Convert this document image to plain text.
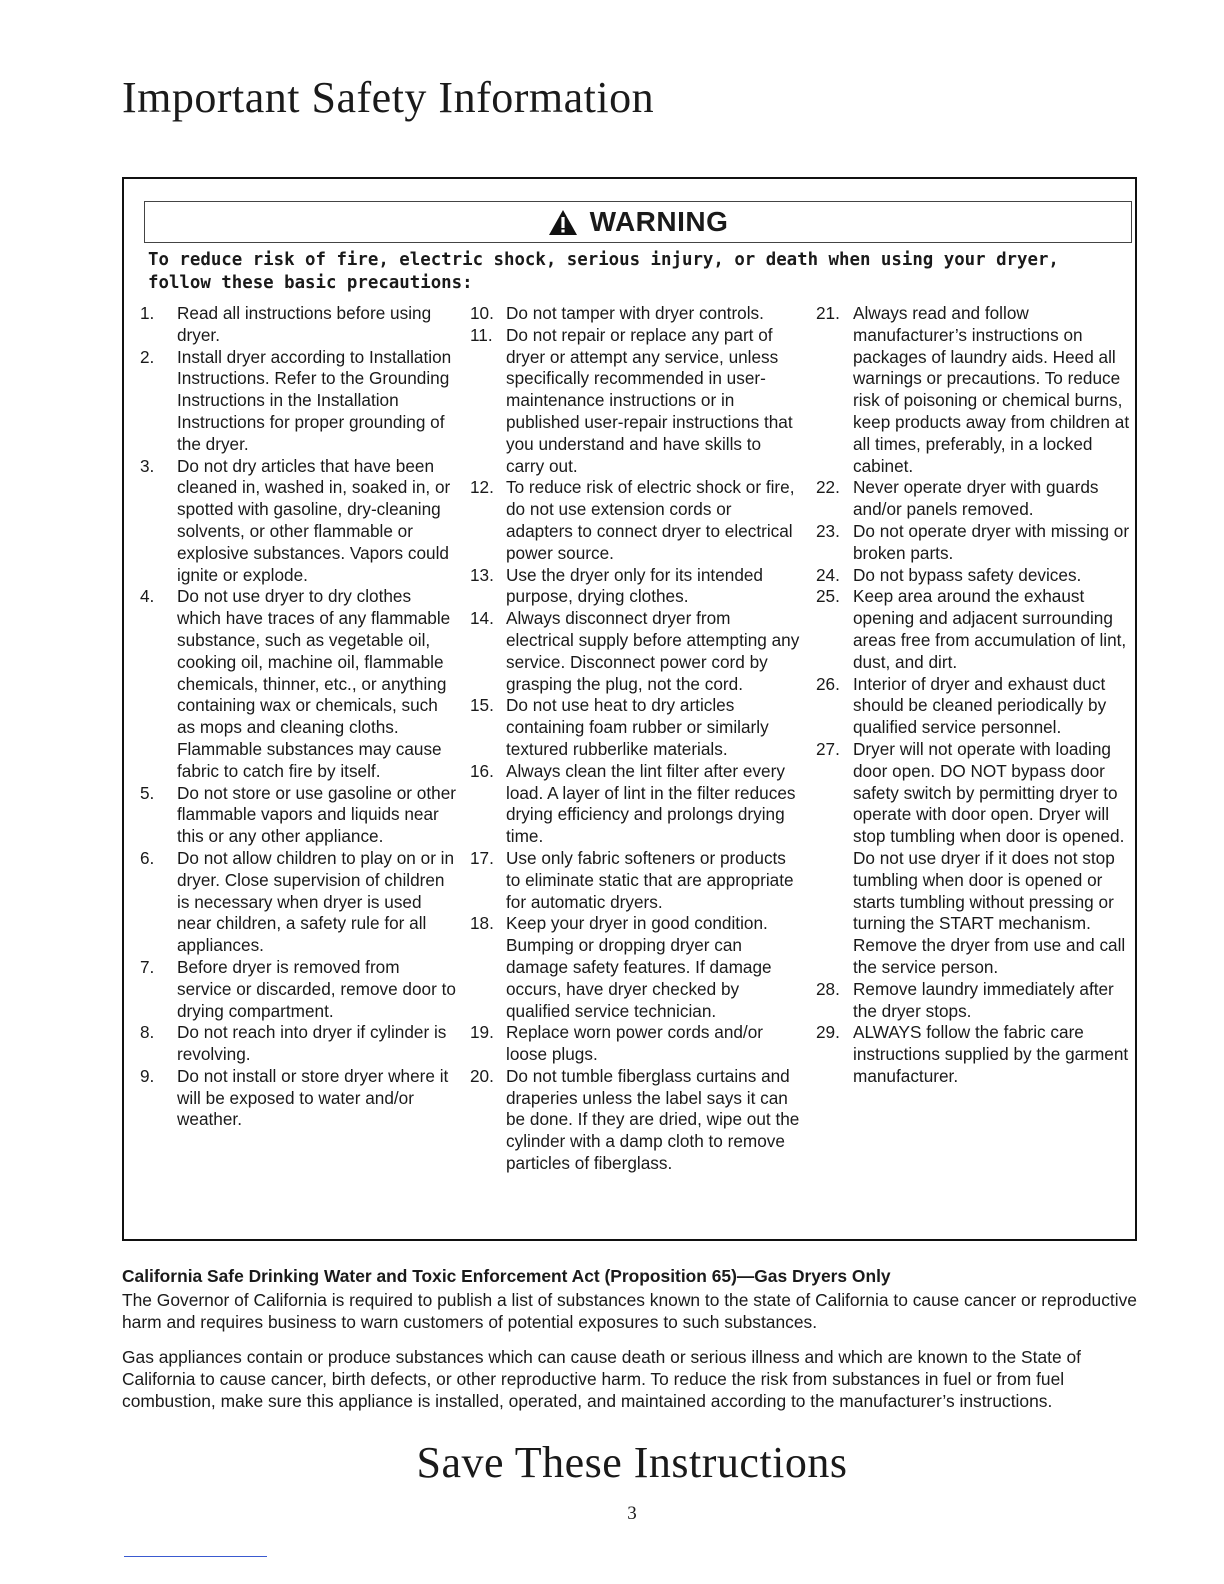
Important Safety Information
WARNING

To reduce risk of fire, electric shock, serious injury, or death when using your dryer, follow these basic precautions:

1.	Read all instructions before using dryer.
2.	Install dryer according to Installation Instructions. Refer to the Grounding Instructions in the Installation Instructions for proper grounding of the dryer.
3.	Do not dry articles that have been cleaned in, washed in, soaked in, or spotted with gasoline, dry-cleaning solvents, or other flammable or explosive substances. Vapors could ignite or explode.
4.	Do not use dryer to dry clothes which have traces of any flammable substance, such as vegetable oil, cooking oil, machine oil, flammable chemicals, thinner, etc., or anything containing wax or chemicals, such as mops and cleaning cloths. Flammable substances may cause fabric to catch fire by itself.
5.	Do not store or use gasoline or other flammable vapors and liquids near this or any other appliance.
6.	Do not allow children to play on or in dryer. Close supervision of children is necessary when dryer is used near children, a safety rule for all appliances.
7.	Before dryer is removed from service or discarded, remove door to drying compartment.
8.	Do not reach into dryer if cylinder is revolving.
9.	Do not install or store dryer where it will be exposed to water and/or weather.
10. Do not tamper with dryer controls.
11. Do not repair or replace any part of dryer or attempt any service, unless specifically recommended in user-maintenance instructions or in published user-repair instructions that you understand and have skills to carry out.
12. To reduce risk of electric shock or fire, do not use extension cords or adapters to connect dryer to electrical power source.
13. Use the dryer only for its intended purpose, drying clothes.
14. Always disconnect dryer from electrical supply before attempting any service. Disconnect power cord by grasping the plug, not the cord.
15. Do not use heat to dry articles containing foam rubber or similarly textured rubberlike materials.
16. Always clean the lint filter after every load. A layer of lint in the filter reduces drying efficiency and prolongs drying time.
17. Use only fabric softeners or products to eliminate static that are appropriate for automatic dryers.
18. Keep your dryer in good condition. Bumping or dropping dryer can damage safety features. If damage occurs, have dryer checked by qualified service technician.
19. Replace worn power cords and/or loose plugs.
20. Do not tumble fiberglass curtains and draperies unless the label says it can be done. If they are dried, wipe out the cylinder with a damp cloth to remove particles of fiberglass.
21. Always read and follow manufacturer’s instructions on packages of laundry aids. Heed all warnings or precautions. To reduce risk of poisoning or chemical burns, keep products away from children at all times, preferably, in a locked cabinet.
22. Never operate dryer with guards and/or panels removed.
23. Do not operate dryer with missing or broken parts.
24. Do not bypass safety devices.
25. Keep area around the exhaust opening and adjacent surrounding areas free from accumulation of lint, dust, and dirt.
26. Interior of dryer and exhaust duct should be cleaned periodically by qualified service personnel.
27. Dryer will not operate with loading door open. DO NOT bypass door safety switch by permitting dryer to operate with door open. Dryer will stop tumbling when door is opened. Do not use dryer if it does not stop tumbling when door is opened or starts tumbling without pressing or turning the START mechanism. Remove the dryer from use and call the service person.
28. Remove laundry immediately after the dryer stops.
29. ALWAYS follow the fabric care instructions supplied by the garment manufacturer.

California Safe Drinking Water and Toxic Enforcement Act (Proposition 65)—Gas Dryers Only

The Governor of California is required to publish a list of substances known to the state of California to cause cancer or reproductive harm and requires business to warn customers of potential exposures to such substances.

Gas appliances contain or produce substances which can cause death or serious illness and which are known to the State of California to cause cancer, birth defects, or other reproductive harm. To reduce the risk from substances in fuel or from fuel combustion, make sure this appliance is installed, operated, and maintained according to the manufacturer’s instructions.

Save These Instructions
3
